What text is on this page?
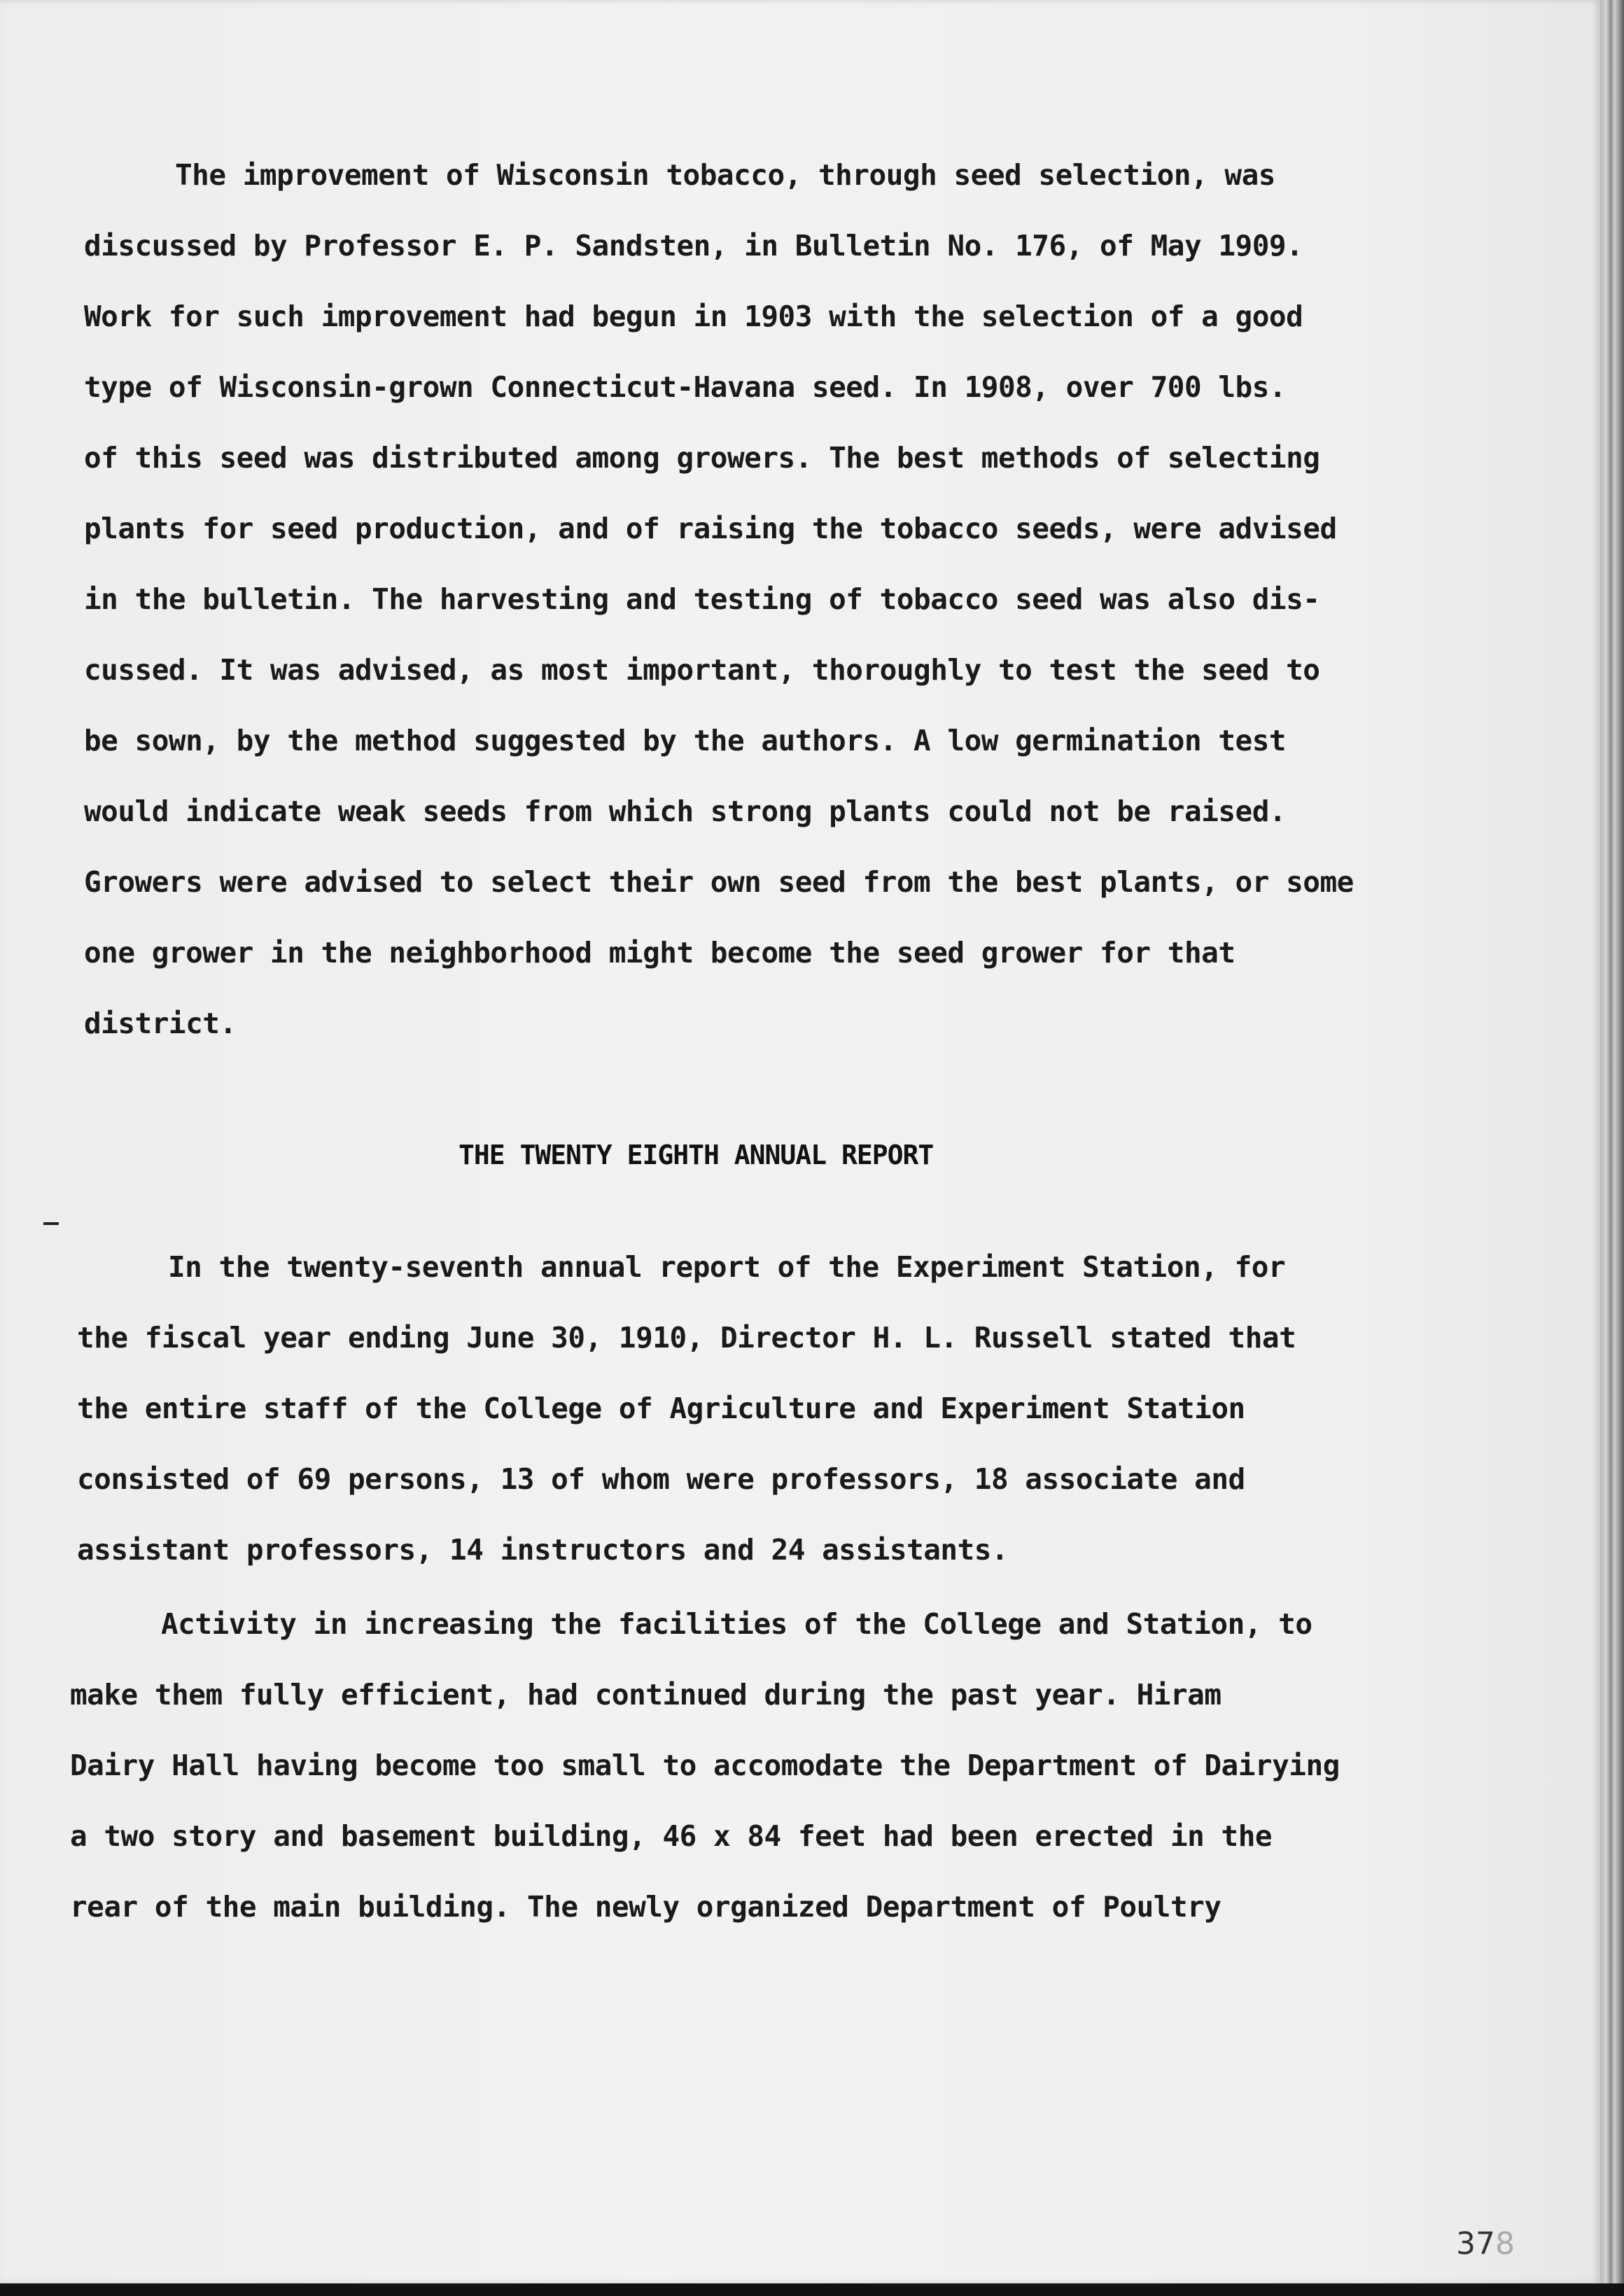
The improvement of Wisconsin tobacco, through seed selection, was
discussed by Professor E. P. Sandsten, in Bulletin No. 176, of May 1909.
Work for such improvement had begun in 1903 with the selection of a good
type of Wisconsin-grown Connecticut-Havana seed. In 1908, over 700 lbs.
of this seed was distributed among growers. The best methods of selecting
plants for seed production, and of raising the tobacco seeds, were advised
in the bulletin. The harvesting and testing of tobacco seed was also dis-
cussed. It was advised, as most important, thoroughly to test the seed to
be sown, by the method suggested by the authors. A low germination test
would indicate weak seeds from which strong plants could not be raised.
Growers were advised to select their own seed from the best plants, or some
one grower in the neighborhood might become the seed grower for that
district.
THE TWENTY EIGHTH ANNUAL REPORT
In the twenty-seventh annual report of the Experiment Station, for
the fiscal year ending June 30, 1910, Director H. L. Russell stated that
the entire staff of the College of Agriculture and Experiment Station
consisted of 69 persons, 13 of whom were professors, 18 associate and
assistant professors, 14 instructors and 24 assistants.
Activity in increasing the facilities of the College and Station, to
make them fully efficient, had continued during the past year. Hiram
Dairy Hall having become too small to accomodate the Department of Dairying
a two story and basement building, 46 x 84 feet had been erected in the
rear of the main building. The newly organized Department of Poultry
378
